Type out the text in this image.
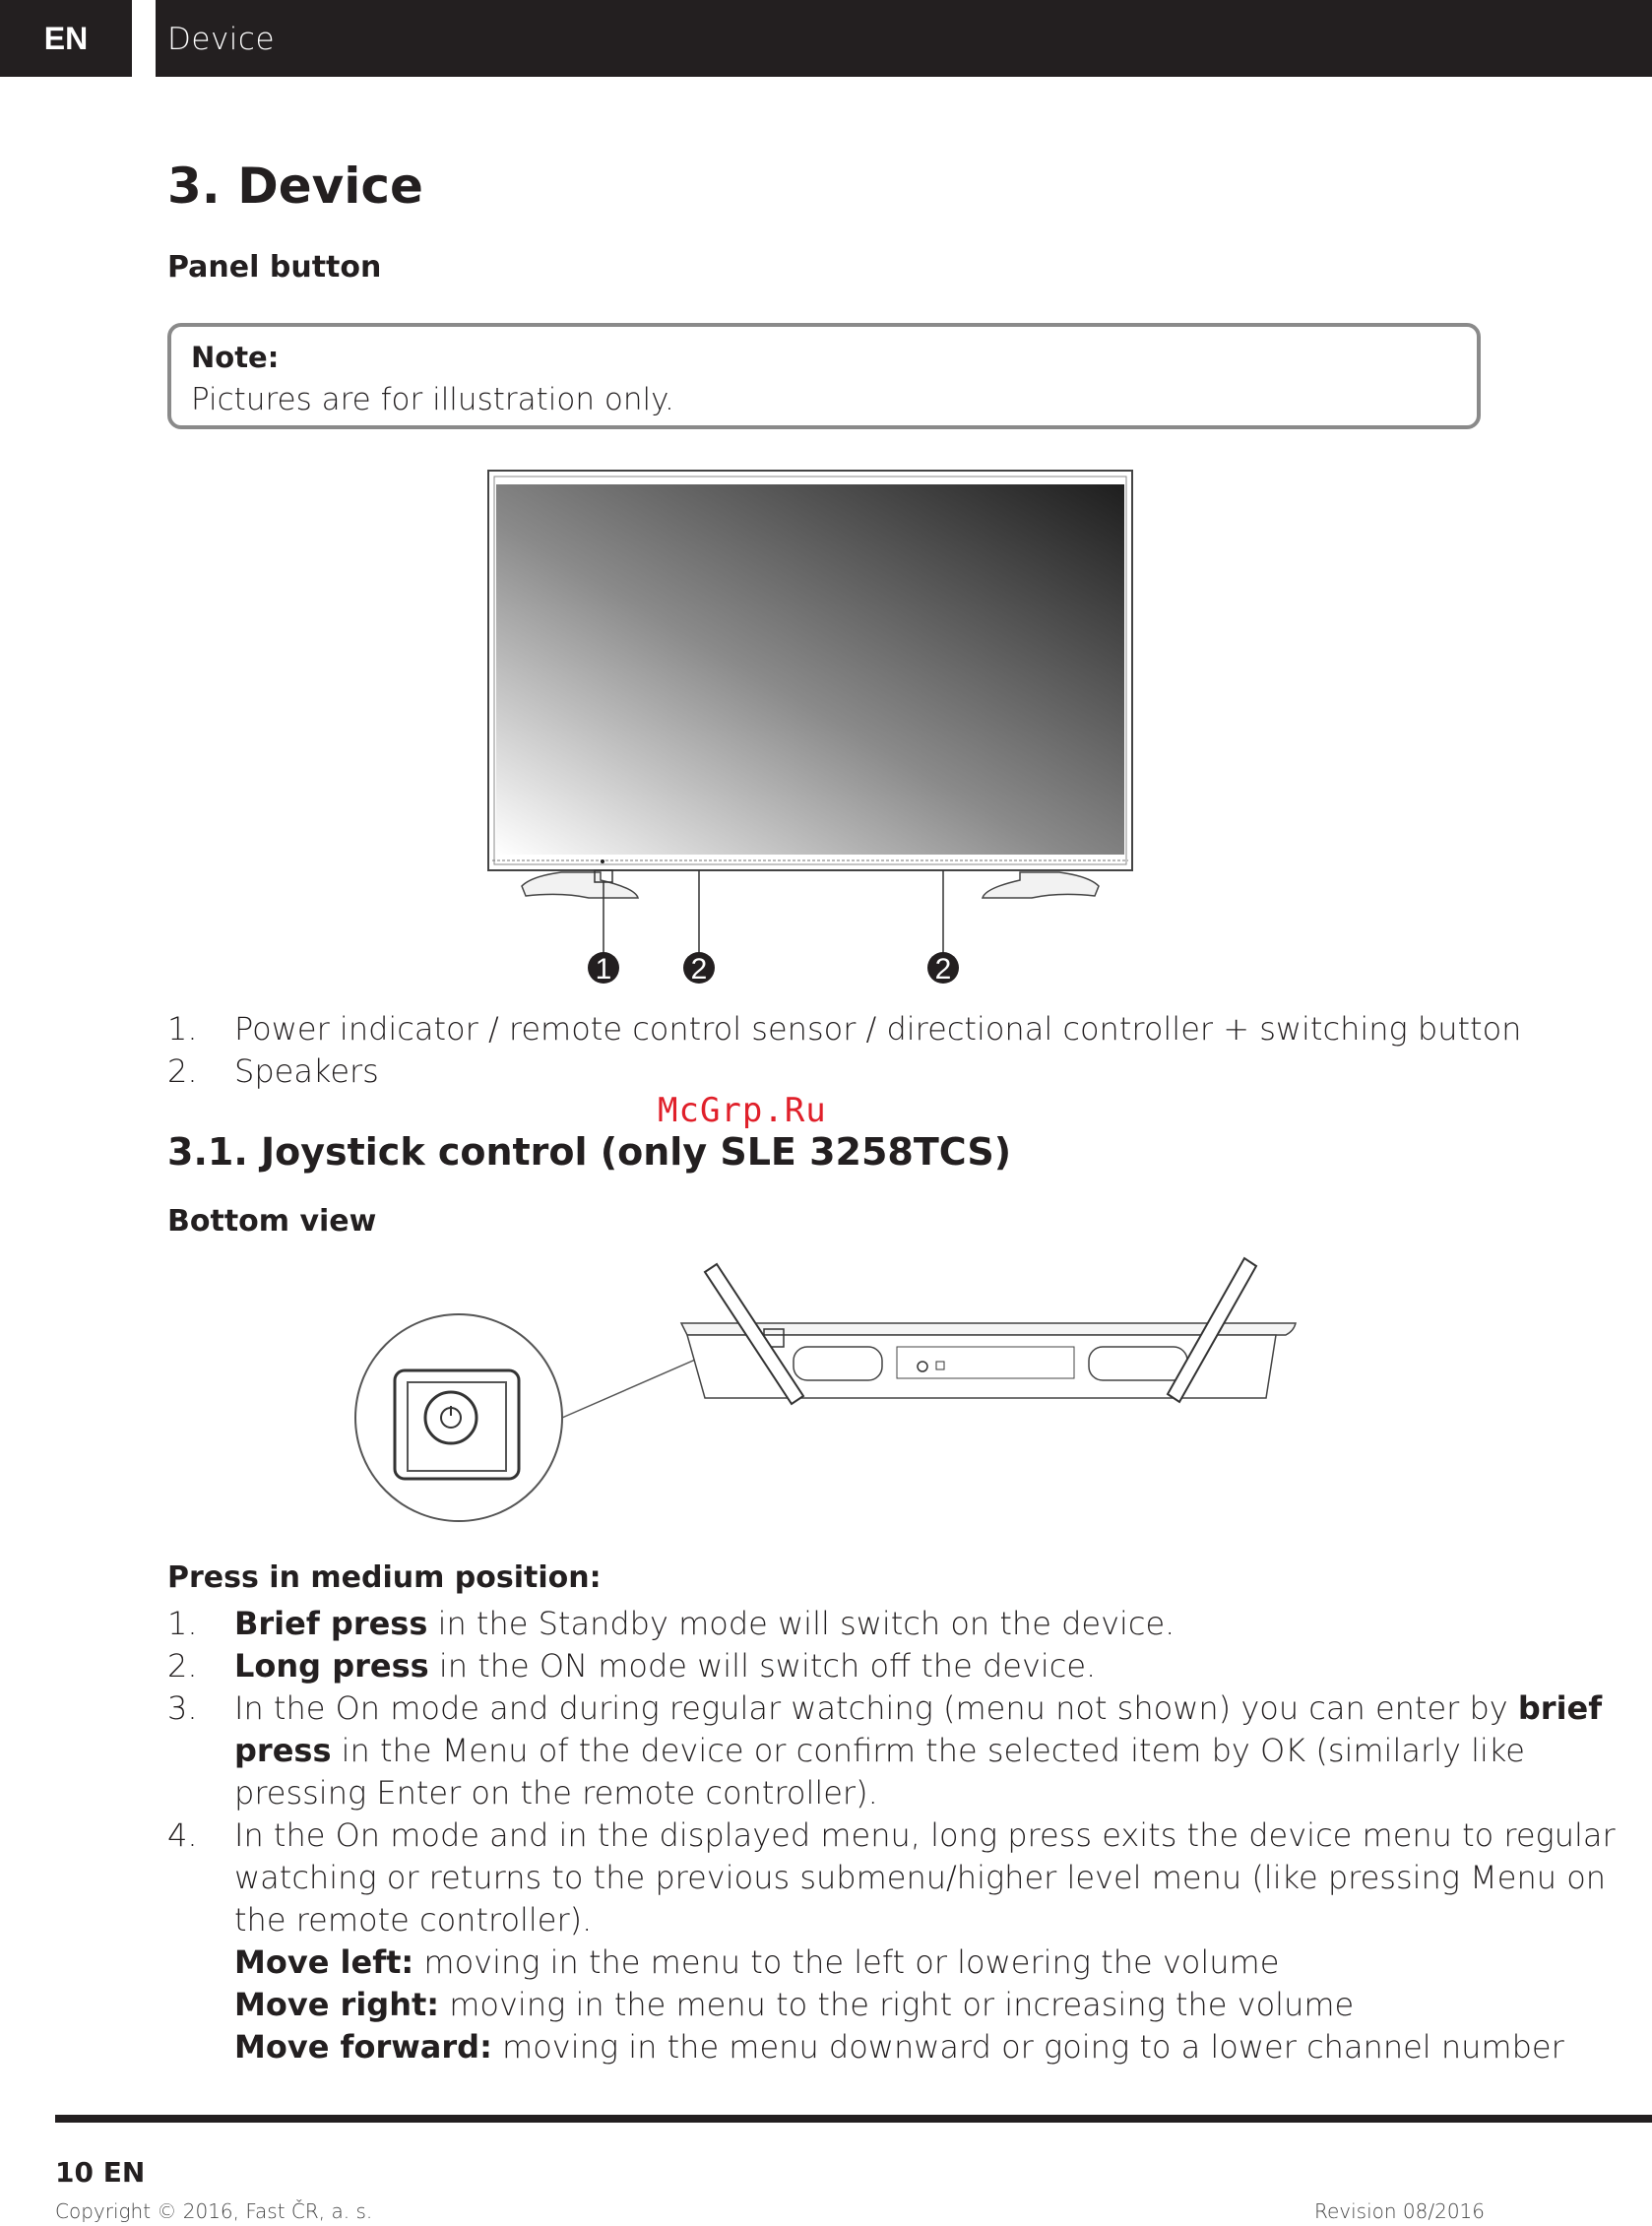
EN	Device
3. Device
Panel button
Note:
Pictures are for illustration only.
1	2	2
1. Power indicator / remote control sensor / directional controller + switching button
2. Speakers
McGrp.Ru
3.1. Joystick control (only SLE 3258TCS)
Bottom view
Press in medium position:
1. Brief press in the Standby mode will switch on the device.
2. Long press in the ON mode will switch off the device.
3. In the On mode and during regular watching (menu not shown) you can enter by brief press in the Menu of the device or confirm the selected item by OK (similarly like pressing Enter on the remote controller).
4. In the On mode and in the displayed menu, long press exits the device menu to regular watching or returns to the previous submenu/higher level menu (like pressing Menu on the remote controller).
Move left: moving in the menu to the left or lowering the volume
Move right: moving in the menu to the right or increasing the volume
Move forward: moving in the menu downward or going to a lower channel number
10 EN
Copyright © 2016, Fast ČR, a. s.	Revision 08/2016
